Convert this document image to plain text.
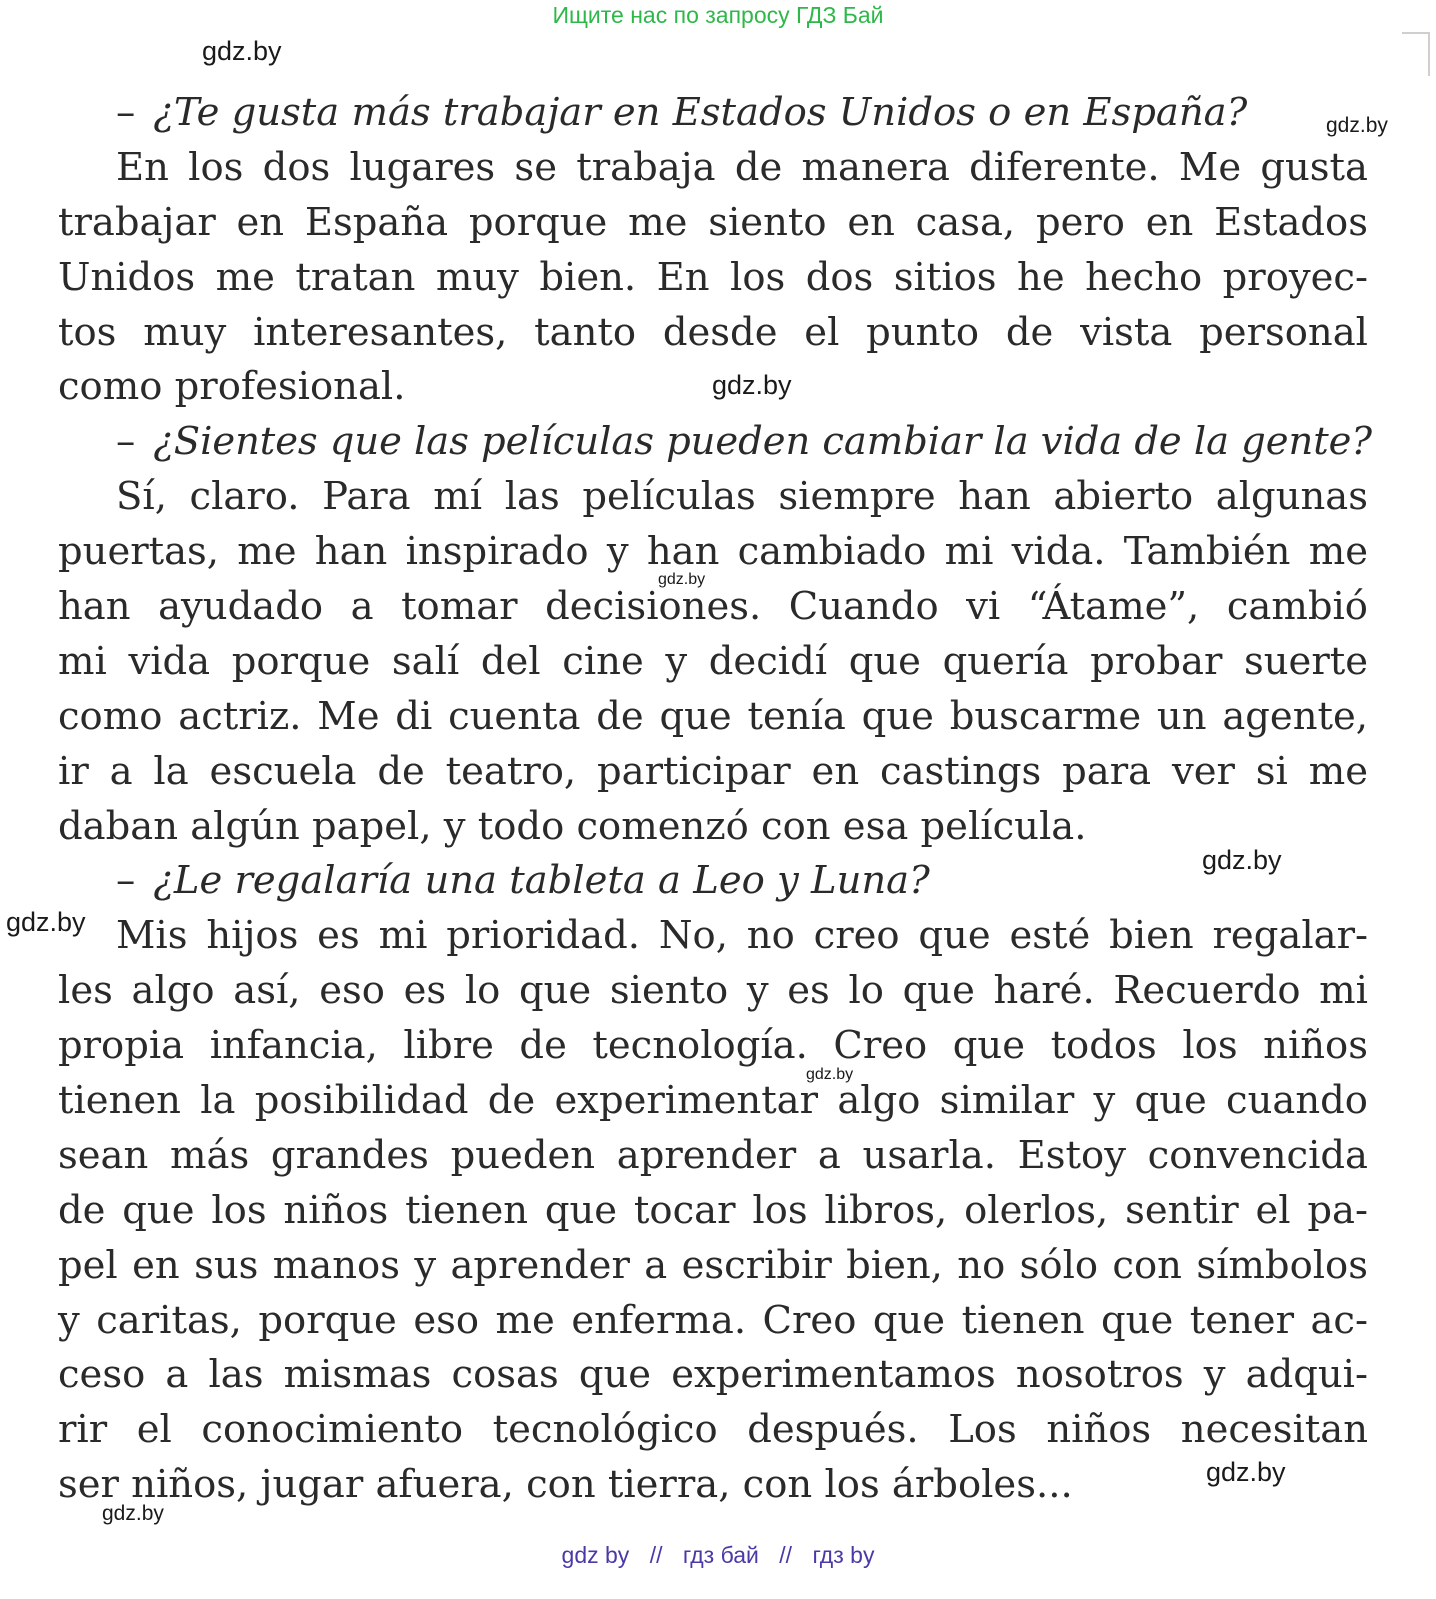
Ищите нас по запросу ГДЗ Бай
gdz.by
gdz.by
gdz.by
gdz.by
gdz.by
gdz.by
gdz.by
gdz.by
gdz.by
– ¿Te gusta más trabajar en Estados Unidos o en España?
En los dos lugares se trabaja de manera diferente. Me gusta
trabajar en España porque me siento en casa, pero en Estados
Unidos me tratan muy bien. En los dos sitios he hecho proyec-
tos muy interesantes, tanto desde el punto de vista personal
como profesional.
– ¿Sientes que las películas pueden cambiar la vida de la gente?
Sí, claro. Para mí las películas siempre han abierto algunas
puertas, me han inspirado y han cambiado mi vida. También me
han ayudado a tomar decisiones. Cuando vi “Átame”, cambió
mi vida porque salí del cine y decidí que quería probar suerte
como actriz. Me di cuenta de que tenía que buscarme un agente,
ir a la escuela de teatro, participar en castings para ver si me
daban algún papel, y todo comenzó con esa película.
– ¿Le regalaría una tableta a Leo y Luna?
Mis hijos es mi prioridad. No, no creo que esté bien regalar-
les algo así, eso es lo que siento y es lo que haré. Recuerdo mi
propia infancia, libre de tecnología. Creo que todos los niños
tienen la posibilidad de experimentar algo similar y que cuando
sean más grandes pueden aprender a usarla. Estoy convencida
de que los niños tienen que tocar los libros, olerlos, sentir el pa-
pel en sus manos y aprender a escribir bien, no sólo con símbolos
y caritas, porque eso me enferma. Creo que tienen que tener ac-
ceso a las mismas cosas que experimentamos nosotros y adqui-
rir el conocimiento tecnológico después. Los niños necesitan
ser niños, jugar afuera, con tierra, con los árboles...
gdz by // гдз бай // гдз by
